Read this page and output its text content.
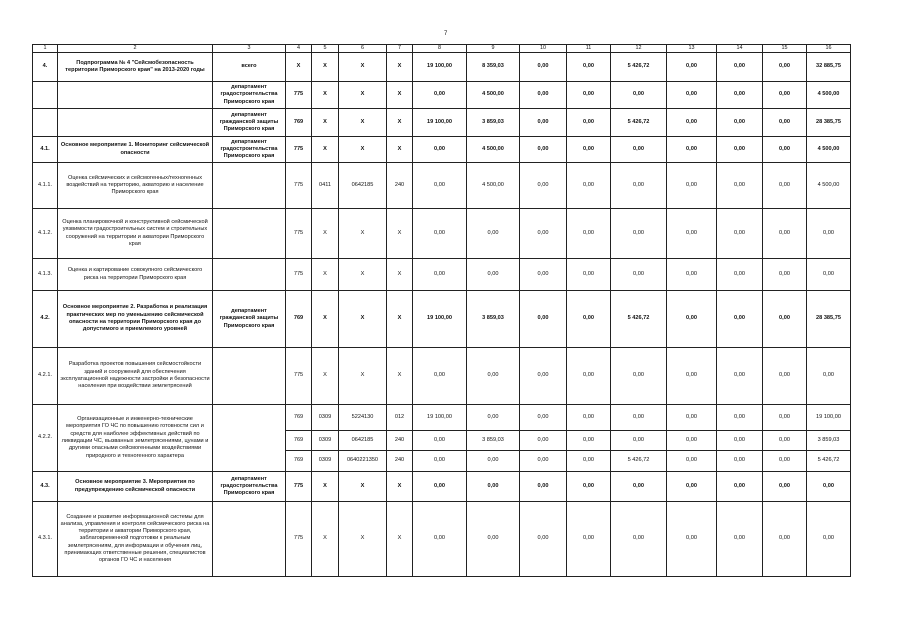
7
1	2	3	4	5	6	7	8	9	10	11	12	13	14	15	16
4.	Подпрограмма № 4 "Сейсмобезопасность территории Приморского края" на 2013-2020 годы	всего	X	X	X	X	19 100,00	8 359,03	0,00	0,00	5 426,72	0,00	0,00	0,00	32 885,75
		департамент градостроительства Приморского края	775	X	X	X	0,00	4 500,00	0,00	0,00	0,00	0,00	0,00	0,00	4 500,00
		департамент гражданской защиты Приморского края	769	X	X	X	19 100,00	3 859,03	0,00	0,00	5 426,72	0,00	0,00	0,00	28 385,75
4.1.	Основное мероприятие 1. Мониторинг сейсмической опасности	департамент градостроительства Приморского края	775	X	X	X	0,00	4 500,00	0,00	0,00	0,00	0,00	0,00	0,00	4 500,00
4.1.1.	Оценка сейсмических и сейсмогенных/техногенных воздействий на территорию, акваторию и население Приморского края		775	0411	0642185	240	0,00	4 500,00	0,00	0,00	0,00	0,00	0,00	0,00	4 500,00
4.1.2.	Оценка планировочной и конструктивной сейсмической уязвимости градостроительных систем и строительных сооружений на территории и акватории Приморского края		775	X	X	X	0,00	0,00	0,00	0,00	0,00	0,00	0,00	0,00	0,00
4.1.3.	Оценка и картирование совокупного сейсмического риска на территории Приморского края		775	X	X	X	0,00	0,00	0,00	0,00	0,00	0,00	0,00	0,00	0,00
4.2.	Основное мероприятие 2. Разработка и реализация практических мер по уменьшению сейсмической опасности на территории Приморского края до допустимого и приемлемого уровней	департамент гражданской защиты Приморского края	769	X	X	X	19 100,00	3 859,03	0,00	0,00	5 426,72	0,00	0,00	0,00	28 385,75
4.2.1.	Разработка проектов повышения сейсмостойкости зданий и сооружений для обеспечения эксплуатационной надежности застройки и безопасности населения при воздействии землетрясений		775	X	X	X	0,00	0,00	0,00	0,00	0,00	0,00	0,00	0,00	0,00
4.2.2.	Организационные и инженерно-технические мероприятия ГО ЧС по повышению готовности сил и средств для наиболее эффективных действий по ликвидации ЧС, вызванных землетрясениями, цунами и другими опасными сейсмогенными воздействиями природного и техногенного характера		769	0309	5224130	012	19 100,00	0,00	0,00	0,00	0,00	0,00	0,00	0,00	19 100,00
			769	0309	0642185	240	0,00	3 859,03	0,00	0,00	0,00	0,00	0,00	0,00	3 859,03
			769	0309	0640221350	240	0,00	0,00	0,00	0,00	5 426,72	0,00	0,00	0,00	5 426,72
4.3.	Основное мероприятие 3. Мероприятия по предупреждению сейсмической опасности	департамент градостроительства Приморского края	775	X	X	X	0,00	0,00	0,00	0,00	0,00	0,00	0,00	0,00	0,00
4.3.1.	Создание и развитие информационной системы для анализа, управления и контроля сейсмического риска на территории и акватории Приморского края, заблаговременной подготовки к реальным землетрясениям, для информации и обучения лиц, принимающих ответственные решения, специалистов органов ГО ЧС и населения		775	X	X	X	0,00	0,00	0,00	0,00	0,00	0,00	0,00	0,00	0,00
